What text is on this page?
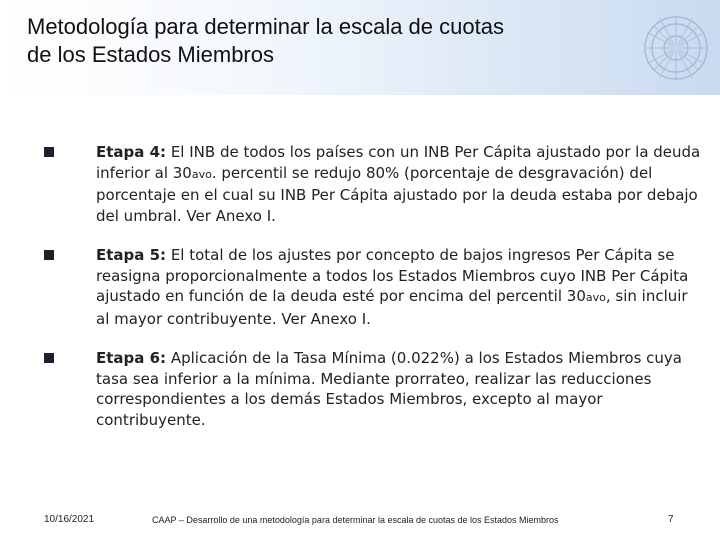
Metodología para determinar la escala de cuotas
de los Estados Miembros
Etapa 4: El INB de todos los países con un INB Per Cápita ajustado por la deuda inferior al 30avo. percentil se redujo 80% (porcentaje de desgravación) del porcentaje en el cual su INB Per Cápita ajustado por la deuda estaba por debajo del umbral. Ver Anexo I.
Etapa 5: El total de los ajustes por concepto de bajos ingresos Per Cápita se reasigna proporcionalmente a todos los Estados Miembros cuyo INB Per Cápita ajustado en función de la deuda esté por encima del percentil 30avo, sin incluir al mayor contribuyente. Ver Anexo I.
Etapa 6: Aplicación de la Tasa Mínima (0.022%) a los Estados Miembros cuya tasa sea inferior a la mínima. Mediante prorrateo, realizar las reducciones correspondientes a los demás Estados Miembros, excepto al mayor contribuyente.
10/16/2021	CAAP – Desarrollo de una metodología para determinar la escala de cuotas de los Estados Miembros	7
